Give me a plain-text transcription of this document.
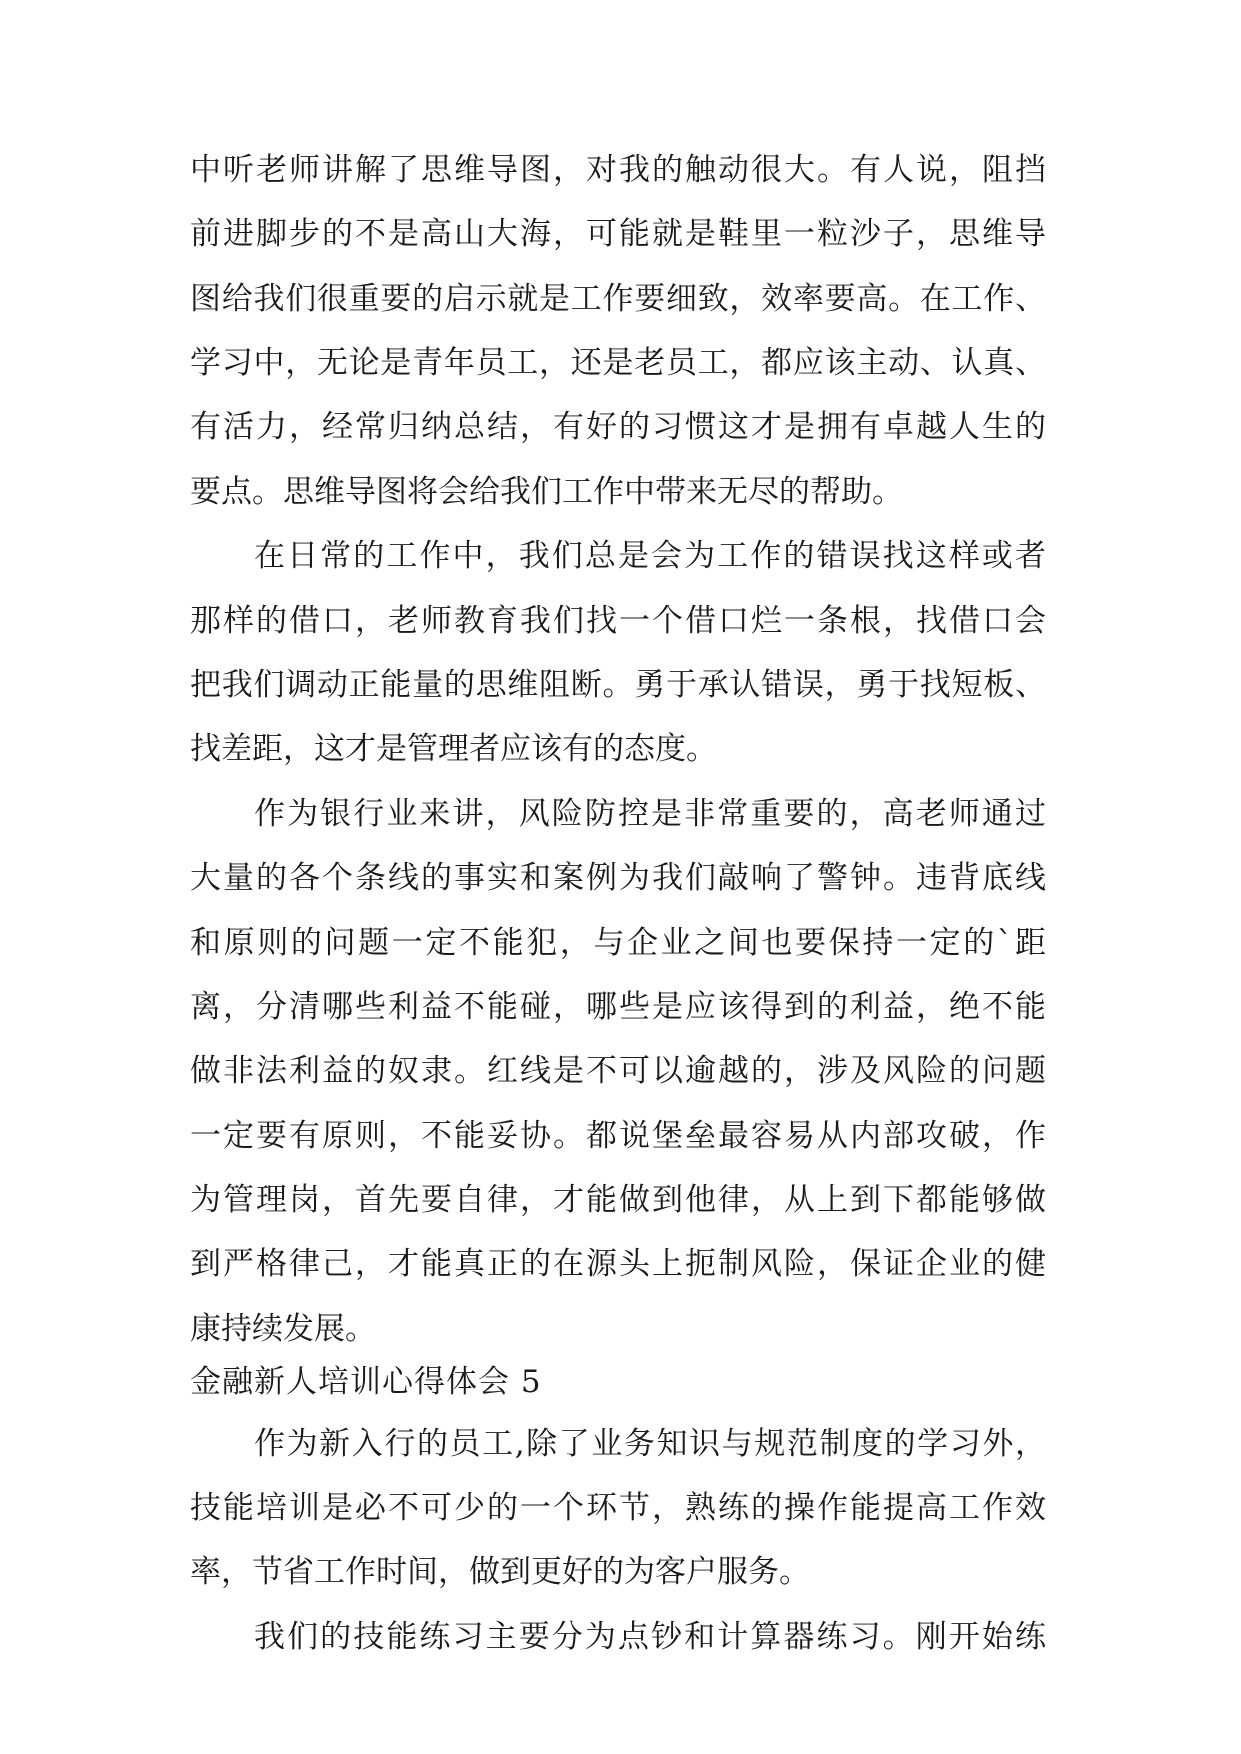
中听老师讲解了思维导图，对我的触动很大。有人说，阻挡
前进脚步的不是高山大海，可能就是鞋里一粒沙子，思维导
图给我们很重要的启示就是工作要细致，效率要高。在工作、
学习中，无论是青年员工，还是老员工，都应该主动、认真、
有活力，经常归纳总结，有好的习惯这才是拥有卓越人生的
要点。思维导图将会给我们工作中带来无尽的帮助。
在日常的工作中，我们总是会为工作的错误找这样或者
那样的借口，老师教育我们找一个借口烂一条根，找借口会
把我们调动正能量的思维阻断。勇于承认错误，勇于找短板、
找差距，这才是管理者应该有的态度。
作为银行业来讲，风险防控是非常重要的，高老师通过
大量的各个条线的事实和案例为我们敲响了警钟。违背底线
和原则的问题一定不能犯，与企业之间也要保持一定的`距
离，分清哪些利益不能碰，哪些是应该得到的利益，绝不能
做非法利益的奴隶。红线是不可以逾越的，涉及风险的问题
一定要有原则，不能妥协。都说堡垒最容易从内部攻破，作
为管理岗，首先要自律，才能做到他律，从上到下都能够做
到严格律己，才能真正的在源头上扼制风险，保证企业的健
康持续发展。
金融新人培训心得体会 5
作为新入行的员工,除了业务知识与规范制度的学习外，
技能培训是必不可少的一个环节，熟练的操作能提高工作效
率，节省工作时间，做到更好的为客户服务。
我们的技能练习主要分为点钞和计算器练习。刚开始练
